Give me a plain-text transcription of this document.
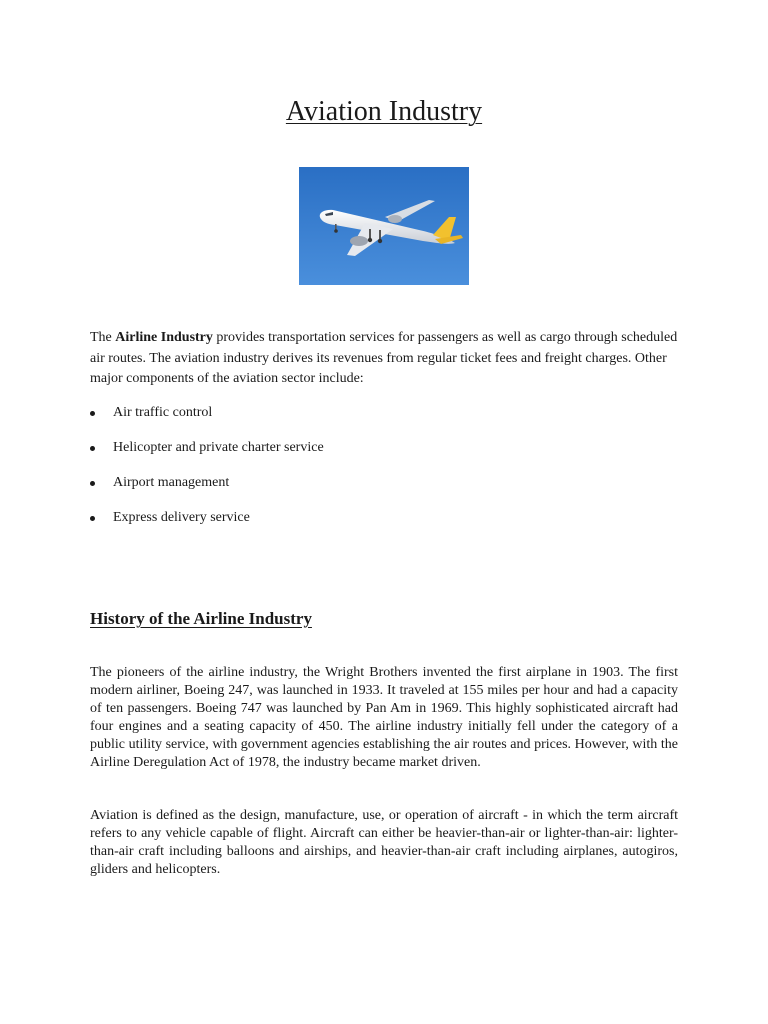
Aviation Industry

The Airline Industry provides transportation services for passengers as well as cargo through scheduled air routes. The aviation industry derives its revenues from regular ticket fees and freight charges. Other major components of the aviation sector include:

Air traffic control
Helicopter and private charter service
Airport management
Express delivery service
History of the Airline Industry

The pioneers of the airline industry, the Wright Brothers invented the first airplane in 1903. The first modern airliner, Boeing 247, was launched in 1933. It traveled at 155 miles per hour and had a capacity of ten passengers. Boeing 747 was launched by Pan Am in 1969. This highly sophisticated aircraft had four engines and a seating capacity of 450. The airline industry initially fell under the category of a public utility service, with government agencies establishing the air routes and prices. However, with the Airline Deregulation Act of 1978, the industry became market driven.

Aviation is defined as the design, manufacture, use, or operation of aircraft - in which the term aircraft refers to any vehicle capable of flight. Aircraft can either be heavier-than-air or lighter-than-air: lighter-than-air craft including balloons and airships, and heavier-than-air craft including airplanes, autogiros, gliders and helicopters.
